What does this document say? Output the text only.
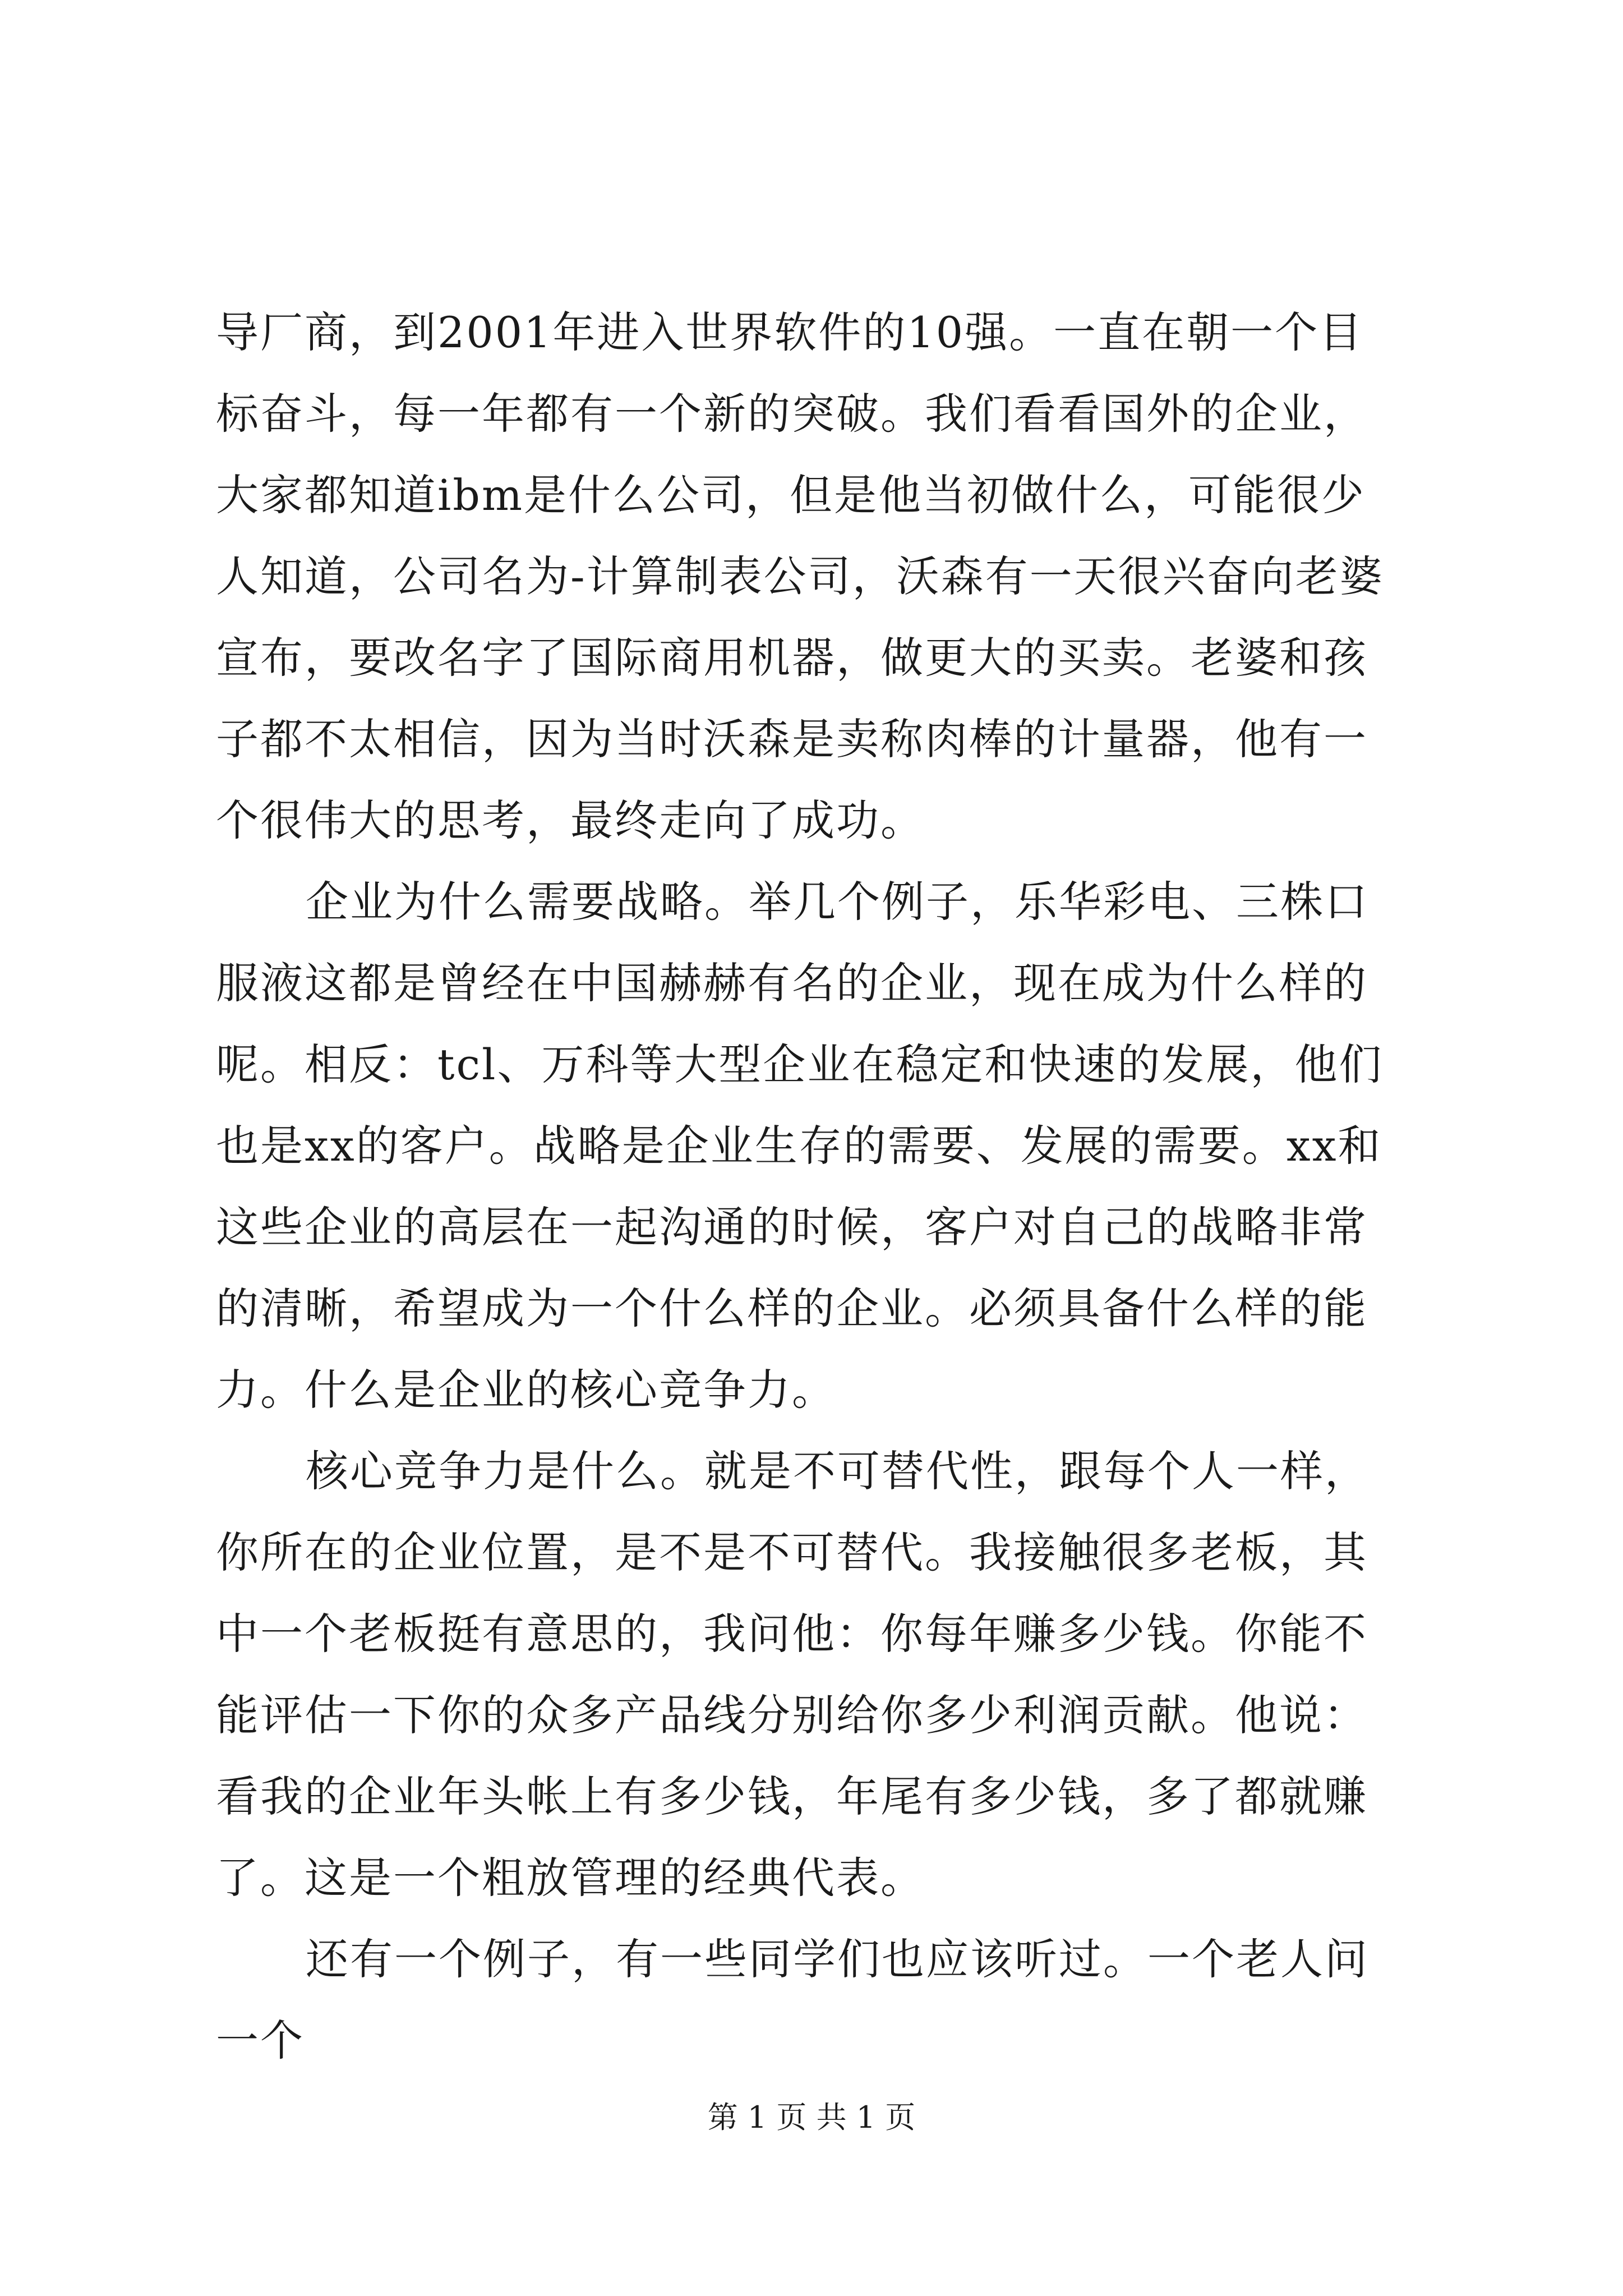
导厂商，到2001年进入世界软件的10强。一直在朝一个目标奋斗，每一年都有一个新的突破。我们看看国外的企业，大家都知道ibm是什么公司，但是他当初做什么，可能很少人知道，公司名为-计算制表公司，沃森有一天很兴奋向老婆宣布，要改名字了国际商用机器，做更大的买卖。老婆和孩子都不太相信，因为当时沃森是卖称肉棒的计量器，他有一个很伟大的思考，最终走向了成功。

企业为什么需要战略。举几个例子，乐华彩电、三株口服液这都是曾经在中国赫赫有名的企业，现在成为什么样的呢。相反：tcl、万科等大型企业在稳定和快速的发展，他们也是xx的客户。战略是企业生存的需要、发展的需要。xx和这些企业的高层在一起沟通的时候，客户对自己的战略非常的清晰，希望成为一个什么样的企业。必须具备什么样的能力。什么是企业的核心竞争力。

核心竞争力是什么。就是不可替代性，跟每个人一样，你所在的企业位置，是不是不可替代。我接触很多老板，其中一个老板挺有意思的，我问他：你每年赚多少钱。你能不能评估一下你的众多产品线分别给你多少利润贡献。他说：看我的企业年头帐上有多少钱，年尾有多少钱，多了都就赚了。这是一个粗放管理的经典代表。

还有一个例子，有一些同学们也应该听过。一个老人问一个

第 1 页 共 1 页
